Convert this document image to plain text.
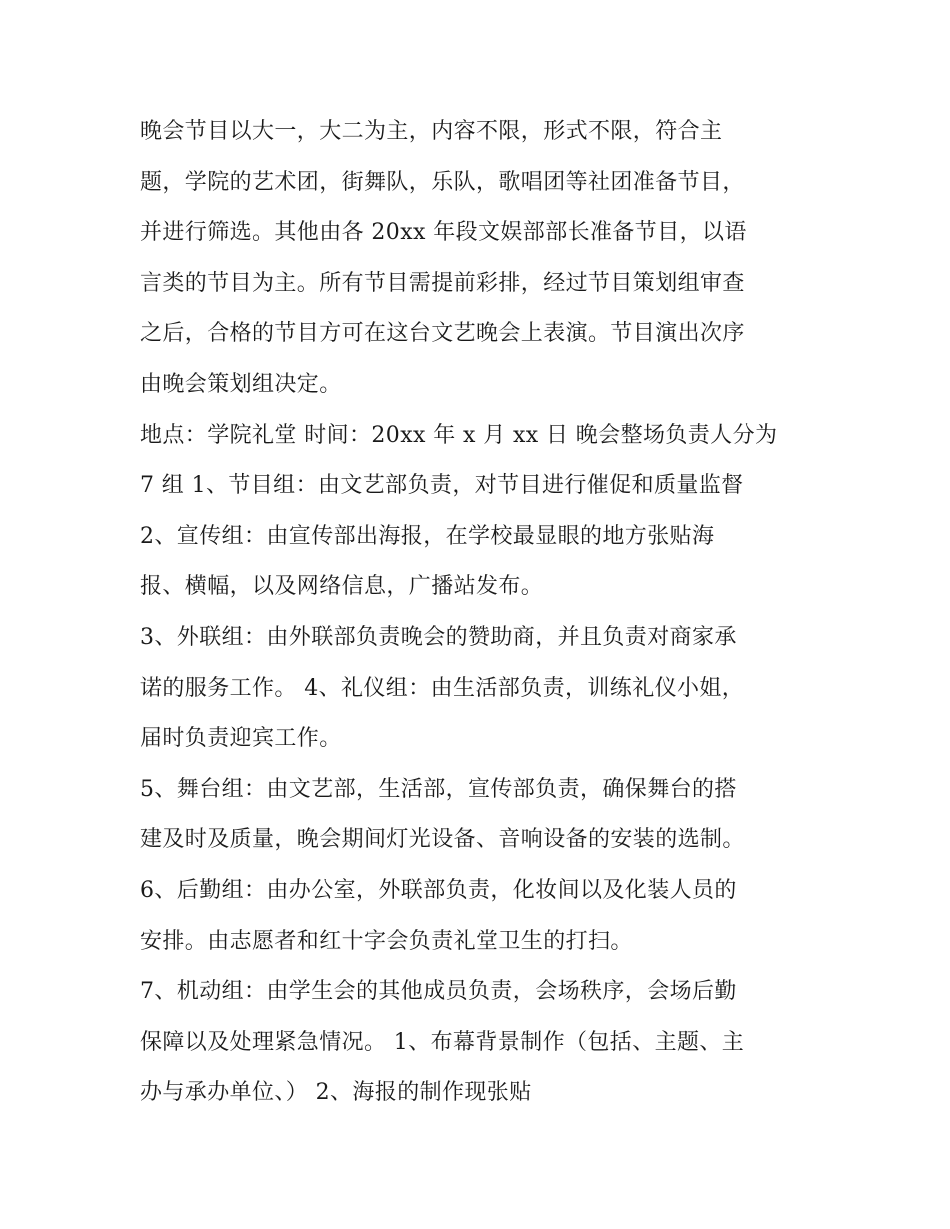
晚会节目以大一，大二为主，内容不限，形式不限，符合主
题，学院的艺术团，街舞队，乐队，歌唱团等社团准备节目，
并进行筛选。其他由各 20xx 年段文娱部部长准备节目，以语
言类的节目为主。所有节目需提前彩排，经过节目策划组审查
之后，合格的节目方可在这台文艺晚会上表演。节目演出次序
由晚会策划组决定。
地点：学院礼堂 时间：20xx 年 x 月 xx 日 晚会整场负责人分为
7 组 1、节目组：由文艺部负责，对节目进行催促和质量监督
2、宣传组：由宣传部出海报，在学校最显眼的地方张贴海
报、横幅，以及网络信息，广播站发布。
3、外联组：由外联部负责晚会的赞助商，并且负责对商家承
诺的服务工作。 4、礼仪组：由生活部负责，训练礼仪小姐，
届时负责迎宾工作。
5、舞台组：由文艺部，生活部，宣传部负责，确保舞台的搭
建及时及质量，晚会期间灯光设备、音响设备的安装的选制。
6、后勤组：由办公室，外联部负责，化妆间以及化装人员的
安排。由志愿者和红十字会负责礼堂卫生的打扫。
7、机动组：由学生会的其他成员负责，会场秩序，会场后勤
保障以及处理紧急情况。 1、布幕背景制作（包括、主题、主
办与承办单位、） 2、海报的制作现张贴
